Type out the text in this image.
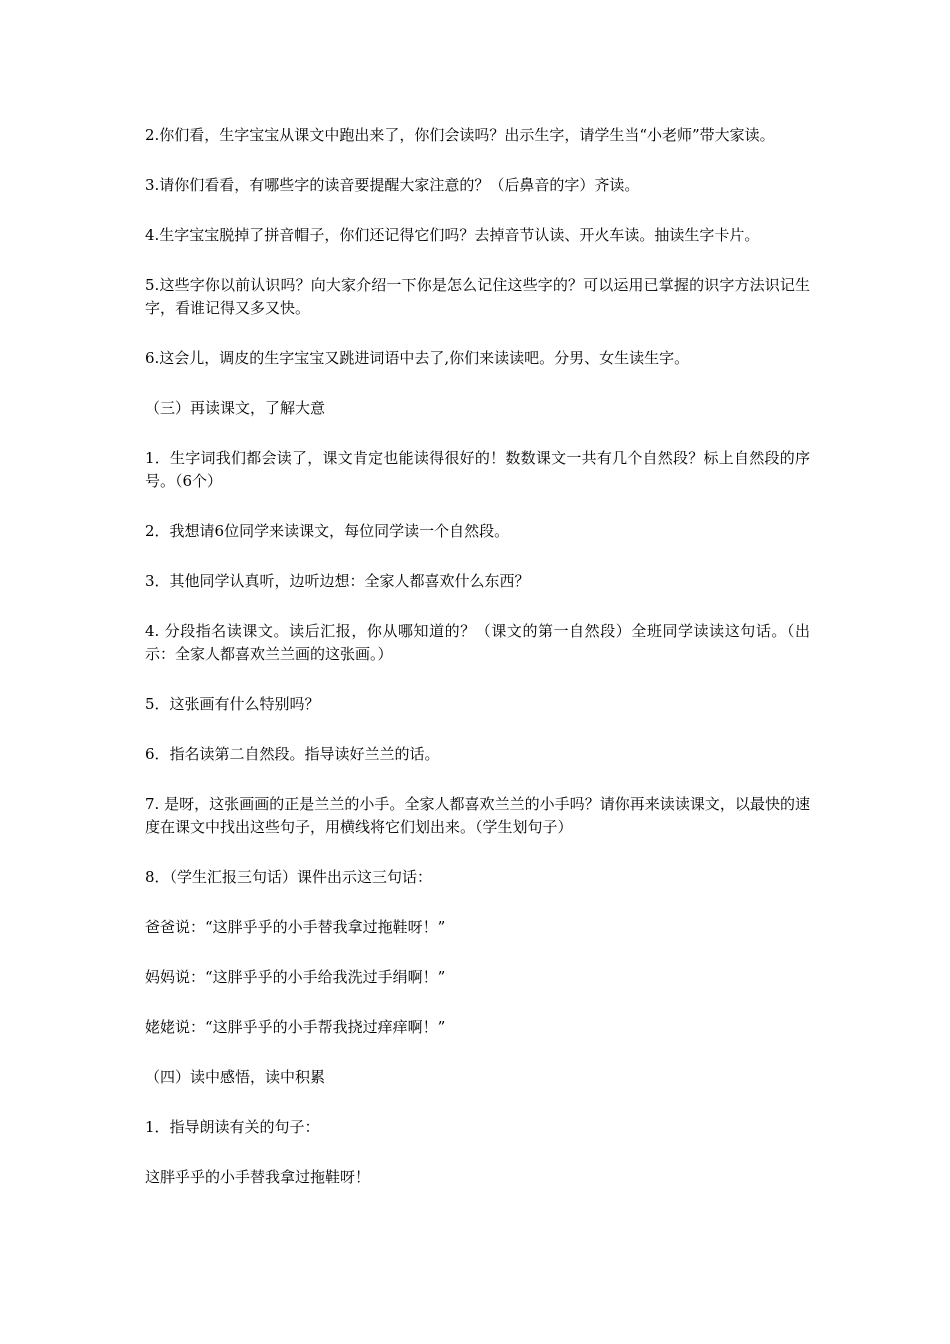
2.你们看，生字宝宝从课文中跑出来了，你们会读吗？出示生字，请学生当“小老师”带大家读。

3.请你们看看，有哪些字的读音要提醒大家注意的？（后鼻音的字）齐读。

4.生字宝宝脱掉了拼音帽子，你们还记得它们吗？去掉音节认读、开火车读。抽读生字卡片。

5.这些字你以前认识吗？向大家介绍一下你是怎么记住这些字的？可以运用已掌握的识字方法识记生字，看谁记得又多又快。

6.这会儿，调皮的生字宝宝又跳进词语中去了,你们来读读吧。分男、女生读生字。

（三）再读课文，了解大意

1．生字词我们都会读了，课文肯定也能读得很好的！数数课文一共有几个自然段？标上自然段的序号。（6个）

2．我想请6位同学来读课文，每位同学读一个自然段。

3．其他同学认真听，边听边想：全家人都喜欢什么东西？

4. 分段指名读课文。读后汇报，你从哪知道的？（课文的第一自然段）全班同学读读这句话。（出示：全家人都喜欢兰兰画的这张画。）

5．这张画有什么特别吗？

6．指名读第二自然段。指导读好兰兰的话。

7. 是呀，这张画画的正是兰兰的小手。全家人都喜欢兰兰的小手吗？请你再来读读课文，以最快的速度在课文中找出这些句子，用横线将它们划出来。（学生划句子）

8．（学生汇报三句话）课件出示这三句话：

爸爸说：“这胖乎乎的小手替我拿过拖鞋呀！”

妈妈说：“这胖乎乎的小手给我洗过手绢啊！”

姥姥说：“这胖乎乎的小手帮我挠过痒痒啊！”

（四）读中感悟，读中积累

1．指导朗读有关的句子：

这胖乎乎的小手替我拿过拖鞋呀！
